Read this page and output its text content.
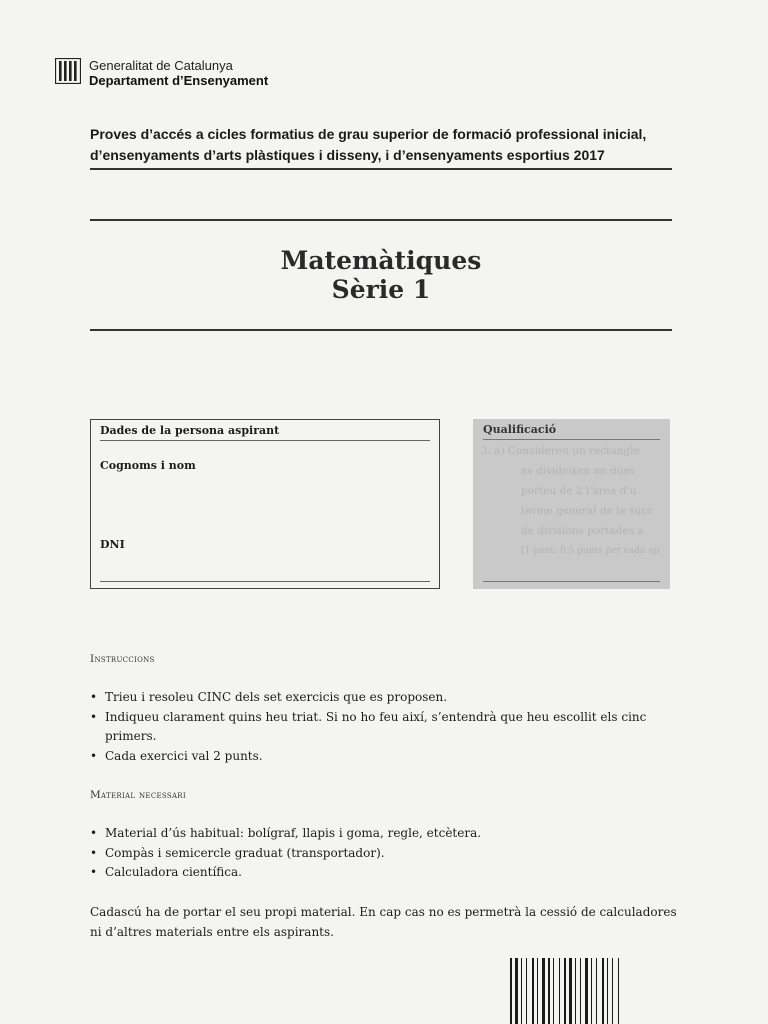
Generalitat de Catalunya
Departament d’Ensenyament
Proves d’accés a cicles formatius de grau superior de formació professional inicial,
d’ensenyaments d’arts plàstiques i disseny, i d’ensenyaments esportius 2017
Matemàtiques
Sèrie 1
Dades de la persona aspirant
Cognoms i nom
DNI
3. a) Considereu un rectangle
es divideixen en dues
porteu de 2 l’àrea d’u
terme general de la succ
de divisions portades a
[1 punt: 0,5 punts per cada ap
Qualificació
Instruccions
• Trieu i resoleu CINC dels set exercicis que es proposen.
• Indiqueu clarament quins heu triat. Si no ho feu així, s’entendrà que heu escollit els cinc primers.
• Cada exercici val 2 punts.
Material necessari
• Material d’ús habitual: bolígraf, llapis i goma, regle, etcètera.
• Compàs i semicercle graduat (transportador).
• Calculadora científica.
Cadascú ha de portar el seu propi material. En cap cas no es permetrà la cessió de calculadores ni d’altres materials entre els aspirants.
